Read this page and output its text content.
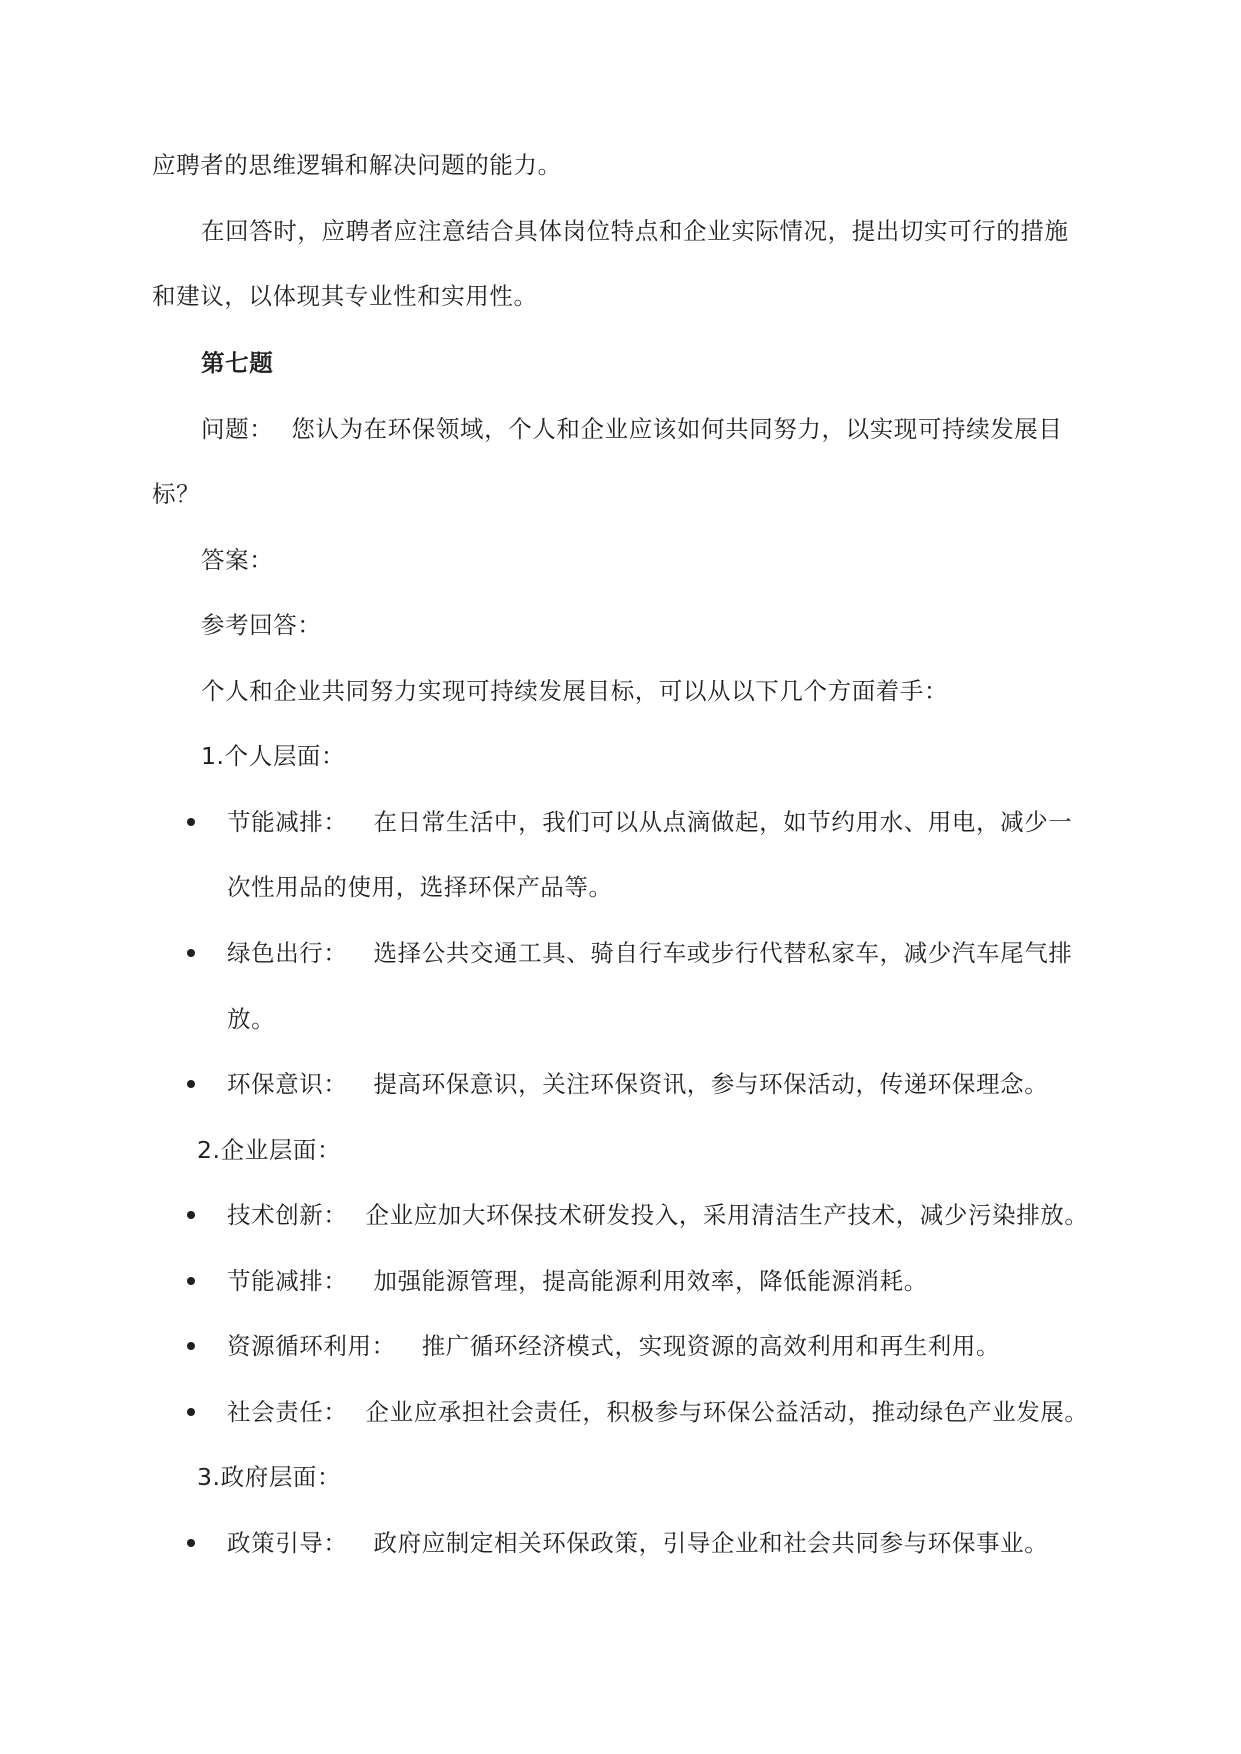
应聘者的思维逻辑和解决问题的能力。
在回答时，应聘者应注意结合具体岗位特点和企业实际情况，提出切实可行的措施
和建议，以体现其专业性和实用性。
第七题
问题： 您认为在环保领域，个人和企业应该如何共同努力，以实现可持续发展目
标？
答案：
参考回答：
个人和企业共同努力实现可持续发展目标，可以从以下几个方面着手：
1.个人层面：
节能减排： 在日常生活中，我们可以从点滴做起，如节约用水、用电，减少一
次性用品的使用，选择环保产品等。
绿色出行： 选择公共交通工具、骑自行车或步行代替私家车，减少汽车尾气排
放。
环保意识： 提高环保意识，关注环保资讯，参与环保活动，传递环保理念。
2.企业层面：
技术创新： 企业应加大环保技术研发投入，采用清洁生产技术，减少污染排放。
节能减排： 加强能源管理，提高能源利用效率，降低能源消耗。
资源循环利用： 推广循环经济模式，实现资源的高效利用和再生利用。
社会责任： 企业应承担社会责任，积极参与环保公益活动，推动绿色产业发展。
3.政府层面：
政策引导： 政府应制定相关环保政策，引导企业和社会共同参与环保事业。
